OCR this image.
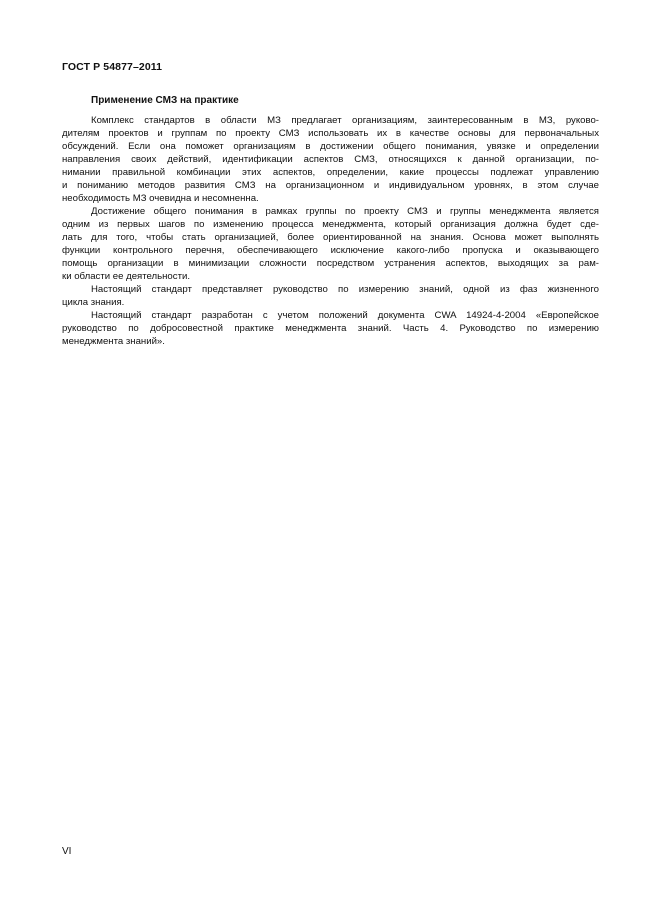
ГОСТ Р 54877–2011
Применение СМЗ на практике

Комплекс стандартов в области МЗ предлагает организациям, заинтересованным в МЗ, руково-
дителям проектов и группам по проекту СМЗ использовать их в качестве основы для первоначальных
обсуждений. Если она поможет организациям в достижении общего понимания, увязке и определении
направления своих действий, идентификации аспектов СМЗ, относящихся к данной организации, по-
нимании правильной комбинации этих аспектов, определении, какие процессы подлежат управлению
и пониманию методов развития СМЗ на организационном и индивидуальном уровнях, в этом случае
необходимость МЗ очевидна и несомненна.

Достижение общего понимания в рамках группы по проекту СМЗ и группы менеджмента является
одним из первых шагов по изменению процесса менеджмента, который организация должна будет сде-
лать для того, чтобы стать организацией, более ориентированной на знания. Основа может выполнять
функции контрольного перечня, обеспечивающего исключение какого-либо пропуска и оказывающего
помощь организации в минимизации сложности посредством устранения аспектов, выходящих за рам-
ки области ее деятельности.

Настоящий стандарт представляет руководство по измерению знаний, одной из фаз жизненного
цикла знания.

Настоящий стандарт разработан с учетом положений документа CWA 14924-4-2004 «Европейское
руководство по добросовестной практике менеджмента знаний. Часть 4. Руководство по измерению
менеджмента знаний».

VI
